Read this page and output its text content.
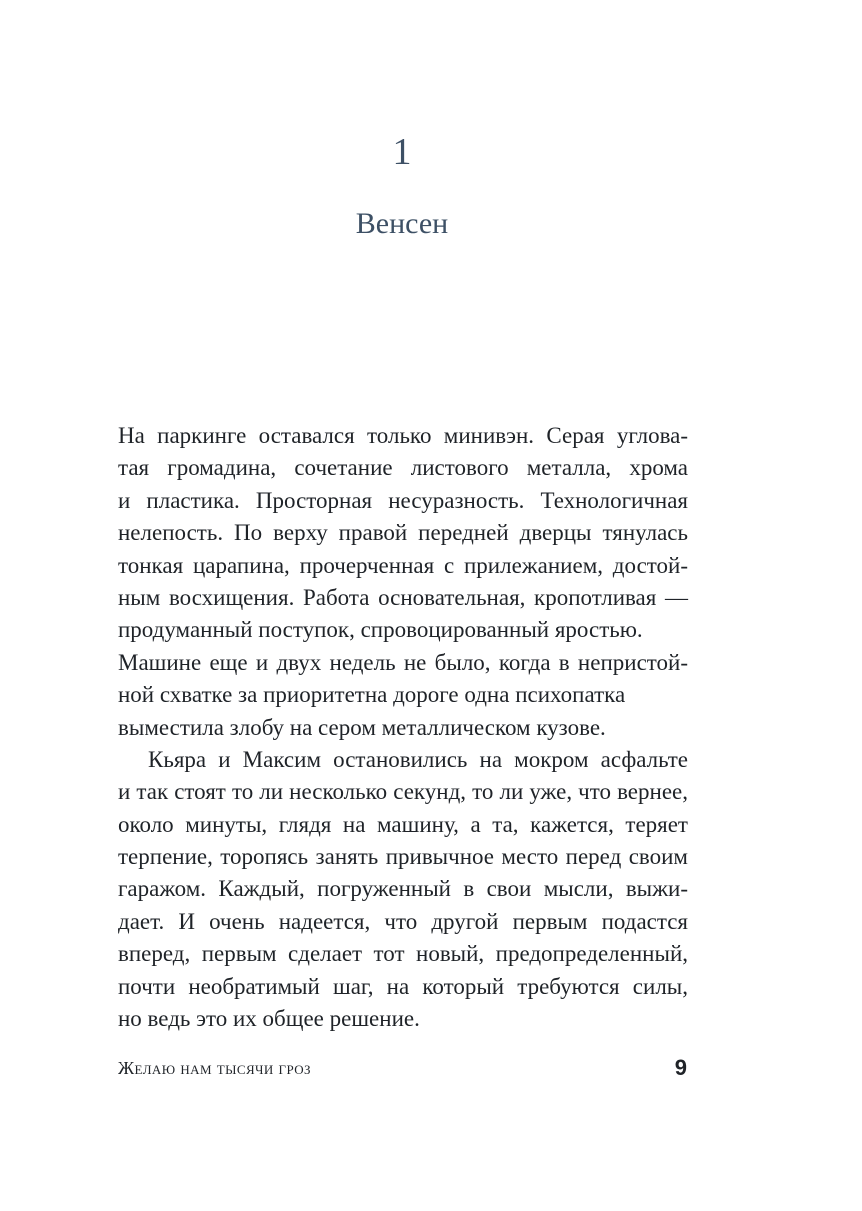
1
Венсен
На паркинге оставался только минивэн. Серая углова-
тая громадина, сочетание листового металла, хрома
и пластика. Просторная несуразность. Технологичная
нелепость. По верху правой передней дверцы тянулась
тонкая царапина, прочерченная с прилежанием, достой-
ным восхищения. Работа основательная, кропотливая —
продуманный поступок, спровоцированный яростью.
Машине еще и двух недель не было, когда в непристой-
ной схватке за приоритетна дороге одна психопатка
выместила злобу на сером металлическом кузове.
Кьяра и Максим остановились на мокром асфальте
и так стоят то ли несколько секунд, то ли уже, что вернее,
около минуты, глядя на машину, а та, кажется, теряет
терпение, торопясь занять привычное место перед своим
гаражом. Каждый, погруженный в свои мысли, выжи-
дает. И очень надеется, что другой первым подастся
вперед, первым сделает тот новый, предопределенный,
почти необратимый шаг, на который требуются силы,
но ведь это их общее решение.
Желаю нам тысячи гроз	9
